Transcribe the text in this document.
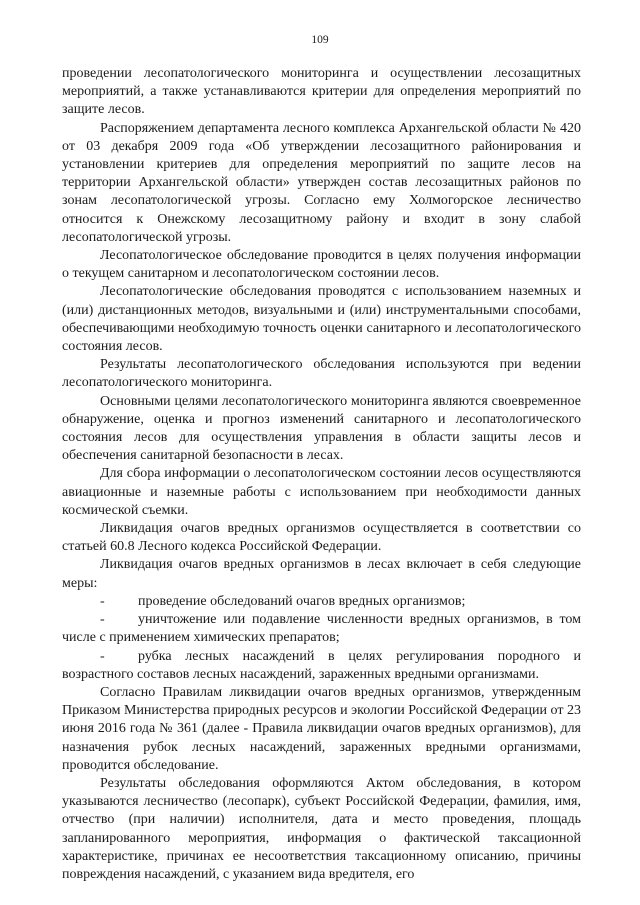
109

проведении лесопатологического мониторинга и осуществлении лесозащитных мероприятий, а также устанавливаются критерии для определения мероприятий по защите лесов.

Распоряжением департамента лесного комплекса Архангельской области № 420 от 03 декабря 2009 года «Об утверждении лесозащитного районирования и установлении критериев для определения мероприятий по защите лесов на территории Архангельской области» утвержден состав лесозащитных районов по зонам лесопатологической угрозы. Согласно ему Холмогорское лесничество относится к Онежскому лесозащитному району и входит в зону слабой лесопатологической угрозы.

Лесопатологическое обследование проводится в целях получения информации о текущем санитарном и лесопатологическом состоянии лесов.

Лесопатологические обследования проводятся с использованием наземных и (или) дистанционных методов, визуальными и (или) инструментальными способами, обеспечивающими необходимую точность оценки санитарного и лесопатологического состояния лесов.

Результаты лесопатологического обследования используются при ведении лесопатологического мониторинга.

Основными целями лесопатологического мониторинга являются своевременное обнаружение, оценка и прогноз изменений санитарного и лесопатологического состояния лесов для осуществления управления в области защиты лесов и обеспечения санитарной безопасности в лесах.

Для сбора информации о лесопатологическом состоянии лесов осуществляются авиационные и наземные работы с использованием при необходимости данных космической съемки.

Ликвидация очагов вредных организмов осуществляется в соответствии со статьей 60.8 Лесного кодекса Российской Федерации.

Ликвидация очагов вредных организмов в лесах включает в себя следующие меры:

- проведение обследований очагов вредных организмов;

- уничтожение или подавление численности вредных организмов, в том числе с применением химических препаратов;

- рубка лесных насаждений в целях регулирования породного и возрастного составов лесных насаждений, зараженных вредными организмами.

Согласно Правилам ликвидации очагов вредных организмов, утвержденным Приказом Министерства природных ресурсов и экологии Российской Федерации от 23 июня 2016 года № 361 (далее - Правила ликвидации очагов вредных организмов), для назначения рубок лесных насаждений, зараженных вредными организмами, проводится обследование.

Результаты обследования оформляются Актом обследования, в котором указываются лесничество (лесопарк), субъект Российской Федерации, фамилия, имя, отчество (при наличии) исполнителя, дата и место проведения, площадь запланированного мероприятия, информация о фактической таксационной характеристике, причинах ее несоответствия таксационному описанию, причины повреждения насаждений, с указанием вида вредителя, его
